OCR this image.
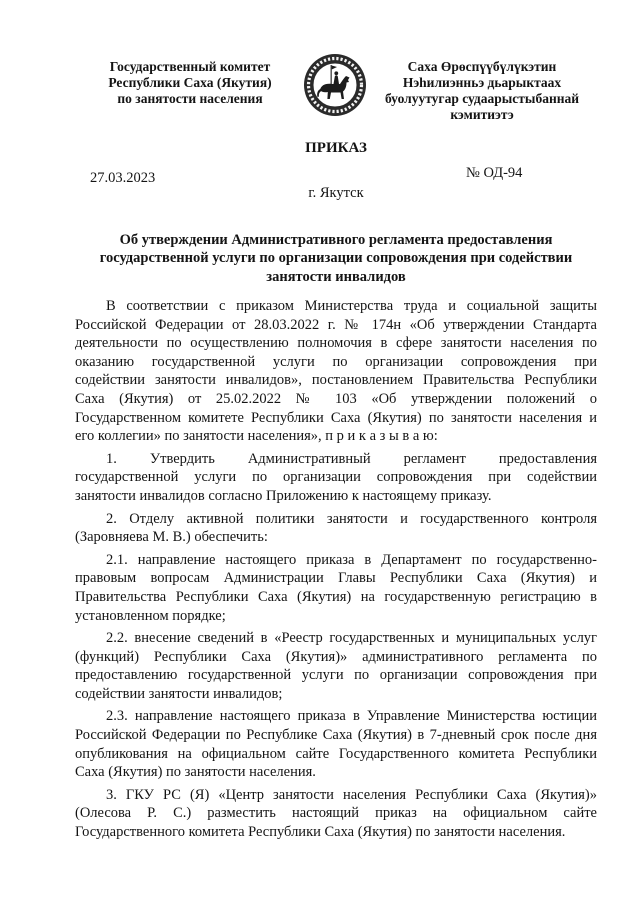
Государственный комитет
Республики Саха (Якутия)
по занятости населения
Саха Өрөспүүбүлүкэтин
Нэһилиэнньэ дьарыктаах
буолуутугар судаарыстыбаннай
кэмитиэтэ
ПРИКАЗ
27.03.2023	№ ОД-94
г. Якутск
Об утверждении Административного регламента предоставления
государственной услуги по организации сопровождения при содействии
занятости инвалидов
В соответствии с приказом Министерства труда и социальной защиты
Российской Федерации от 28.03.2022 г. № 174н «Об утверждении Стандарта
деятельности по осуществлению полномочия в сфере занятости населения по
оказанию государственной услуги по организации сопровождения при
содействии занятости инвалидов», постановлением Правительства Республики
Саха (Якутия) от 25.02.2022 № 103 «Об утверждении положений о
Государственном комитете Республики Саха (Якутия) по занятости населения и
его коллегии» по занятости населения», п р и к а з ы в а ю:
1. Утвердить Административный регламент предоставления
государственной услуги по организации сопровождения при содействии
занятости инвалидов согласно Приложению к настоящему приказу.
2. Отделу активной политики занятости и государственного контроля
(Заровняева М. В.) обеспечить:
2.1. направление настоящего приказа в Департамент по государственно-
правовым вопросам Администрации Главы Республики Саха (Якутия) и
Правительства Республики Саха (Якутия) на государственную регистрацию в
установленном порядке;
2.2. внесение сведений в «Реестр государственных и муниципальных услуг
(функций) Республики Саха (Якутия)» административного регламента по
предоставлению государственной услуги по организации сопровождения при
содействии занятости инвалидов;
2.3. направление настоящего приказа в Управление Министерства юстиции
Российской Федерации по Республике Саха (Якутия) в 7-дневный срок после дня
опубликования на официальном сайте Государственного комитета Республики
Саха (Якутия) по занятости населения.
3. ГКУ РС (Я) «Центр занятости населения Республики Саха (Якутия)»
(Олесова Р. С.) разместить настоящий приказ на официальном сайте
Государственного комитета Республики Саха (Якутия) по занятости населения.
